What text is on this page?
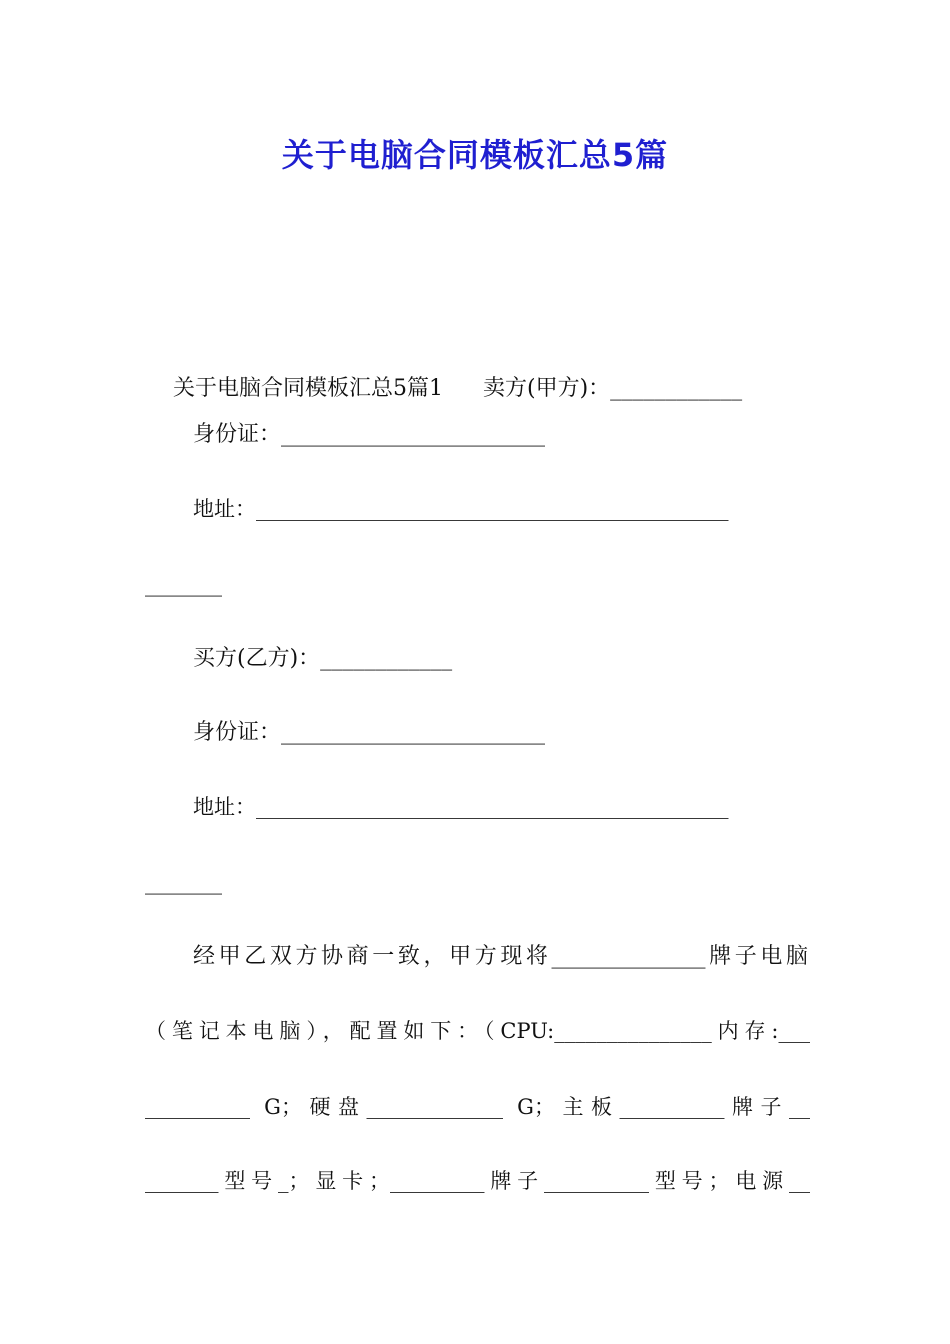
关于电脑合同模板汇总5篇

关于电脑合同模板汇总5篇1 卖方(甲方)：____________

身份证：________________________
地址：_____________________________________________
_______
买方(乙方)：____________
身份证：________________________
地址：_____________________________________________
_______
经甲乙双方协商一致，甲方现将______________牌子电脑
（笔记本电脑），配置如下：（CPU:_______________内存:___
__________ G；硬盘_____________ G；主板__________牌子__
_______型号_；显卡；_________牌子__________型号；电源__
